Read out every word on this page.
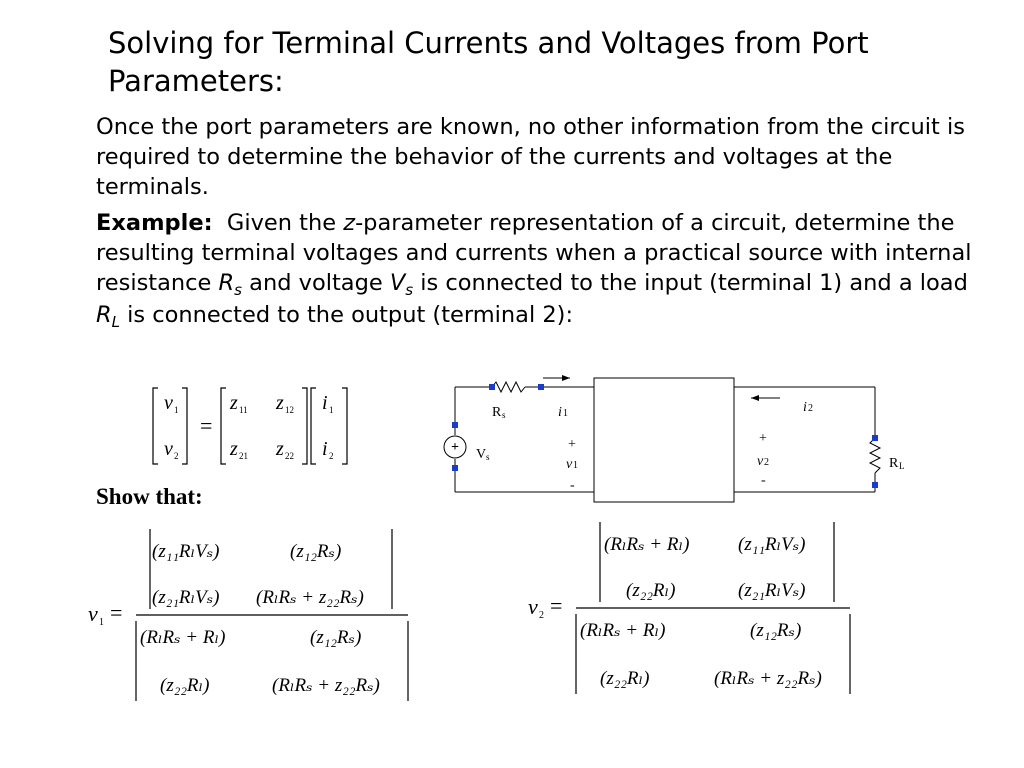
Solving for Terminal Currents and Voltages from Port Parameters:
Once the port parameters are known, no other information from the circuit is required to determine the behavior of the currents and voltages at the terminals.
Example: Given the z-parameter representation of a circuit, determine the resulting terminal voltages and currents when a practical source with internal resistance $R_s$ and voltage $V_s$ is connected to the input (terminal 1) and a load $R_L$ is connected to the output (terminal 2):
v 1
v 2
=
z 11 z 12
z 21 z 22
i 1
i 2
+
R s
V s
i 1	i 2
+
v 1
-
+
v 2
-
R L
Show that:
v 1 =
(z₁₁RₗVₛ)	(z₁₂Rₛ)
(z₂₁RₗVₛ) (RₗRₛ + z₂₂Rₛ)
(RₗRₛ + Rₗ)	(z₁₂Rₛ)
(z₂₂Rₗ)	(RₗRₛ + z₂₂Rₛ)
v 2 =
(RₗRₛ + Rₗ)	(z₁₁RₗVₛ)
(z₂₂Rₗ)	(z₂₁RₗVₛ)
(RₗRₛ + Rₗ)	(z₁₂Rₛ)
(z₂₂Rₗ)	(RₗRₛ + z₂₂Rₛ)
